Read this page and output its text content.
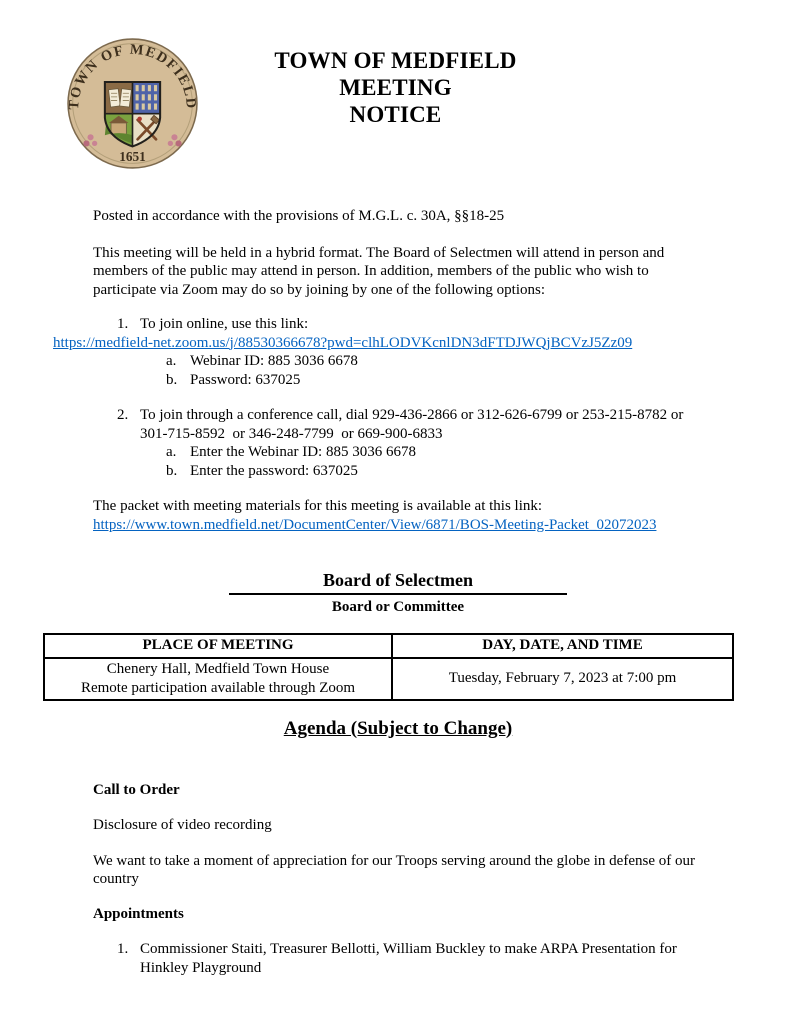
TOWN OF MEDFIELD
1651
TOWN OF MEDFIELD
MEETING
NOTICE

Posted in accordance with the provisions of M.G.L. c. 30A, §§18-25

This meeting will be held in a hybrid format. The Board of Selectmen will attend in person and members of the public may attend in person. In addition, members of the public who wish to participate via Zoom may do so by joining by one of the following options:

1. To join online, use this link:
https://medfield-net.zoom.us/j/88530366678?pwd=clhLODVKcnlDN3dFTDJWQjBCVzJ5Zz09
a. Webinar ID: 885 3036 6678
b. Password: 637025
2. To join through a conference call, dial 929-436-2866 or 312-626-6799 or 253-215-8782 or 301-715-8592  or 346-248-7799  or 669-900-6833
a. Enter the Webinar ID: 885 3036 6678
b. Enter the password: 637025

The packet with meeting materials for this meeting is available at this link:

https://www.town.medfield.net/DocumentCenter/View/6871/BOS-Meeting-Packet_02072023
Board of Selectmen
Board or Committee
PLACE OF MEETING	DAY, DATE, AND TIME

Chenery Hall, Medfield Town House
Remote participation available through Zoom	Tuesday, February 7, 2023 at 7:00 pm
Agenda (Subject to Change)

Call to Order

Disclosure of video recording

We want to take a moment of appreciation for our Troops serving around the globe in defense of our country

Appointments

1. Commissioner Staiti, Treasurer Bellotti, William Buckley to make ARPA Presentation for Hinkley Playground
